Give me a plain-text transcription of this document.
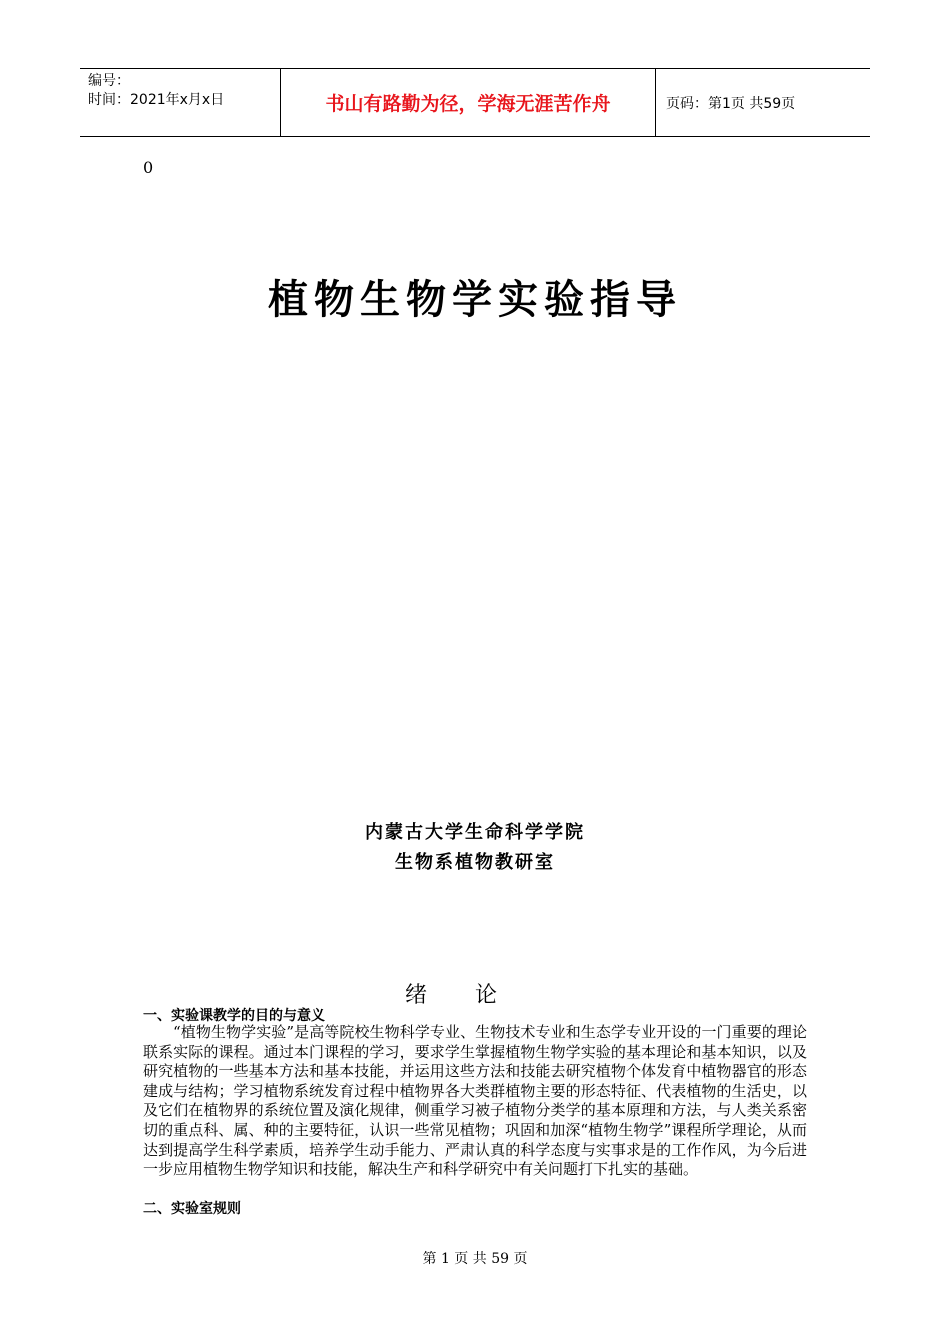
编号：
时间：2021年x月x日	书山有路勤为径，学海无涯苦作舟	页码：第1页 共59页
0
植物生物学实验指导
内蒙古大学生命科学学院
生物系植物教研室
绪论
一、实验课教学的目的与意义
“植物生物学实验”是高等院校生物科学专业、生物技术专业和生态学专业开设的一门重要的理论联系实际的课程。通过本门课程的学习，要求学生掌握植物生物学实验的基本理论和基本知识，以及研究植物的一些基本方法和基本技能，并运用这些方法和技能去研究植物个体发育中植物器官的形态建成与结构；学习植物系统发育过程中植物界各大类群植物主要的形态特征、代表植物的生活史，以及它们在植物界的系统位置及演化规律，侧重学习被子植物分类学的基本原理和方法，与人类关系密切的重点科、属、种的主要特征，认识一些常见植物；巩固和加深“植物生物学”课程所学理论，从而达到提高学生科学素质，培养学生动手能力、严肃认真的科学态度与实事求是的工作作风，为今后进一步应用植物生物学知识和技能，解决生产和科学研究中有关问题打下扎实的基础。
二、实验室规则
第 1 页 共 59 页
